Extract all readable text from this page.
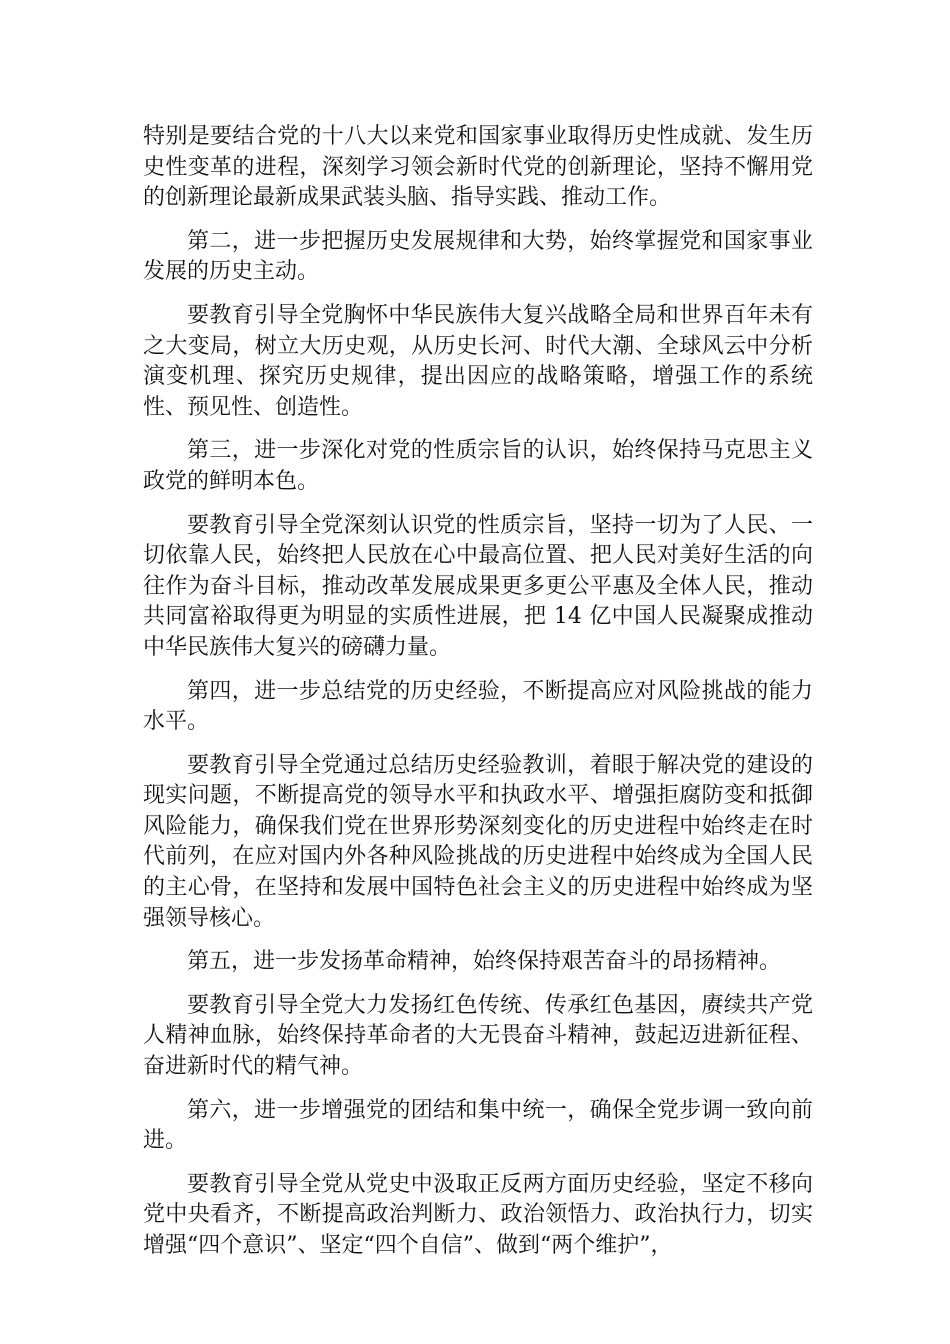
特别是要结合党的十八大以来党和国家事业取得历史性成就、发生历史性变革的进程，深刻学习领会新时代党的创新理论，坚持不懈用党的创新理论最新成果武装头脑、指导实践、推动工作。

第二，进一步把握历史发展规律和大势，始终掌握党和国家事业发展的历史主动。

要教育引导全党胸怀中华民族伟大复兴战略全局和世界百年未有之大变局，树立大历史观，从历史长河、时代大潮、全球风云中分析演变机理、探究历史规律，提出因应的战略策略，增强工作的系统性、预见性、创造性。

第三，进一步深化对党的性质宗旨的认识，始终保持马克思主义政党的鲜明本色。

要教育引导全党深刻认识党的性质宗旨，坚持一切为了人民、一切依靠人民，始终把人民放在心中最高位置、把人民对美好生活的向往作为奋斗目标，推动改革发展成果更多更公平惠及全体人民，推动共同富裕取得更为明显的实质性进展，把 14 亿中国人民凝聚成推动中华民族伟大复兴的磅礴力量。

第四，进一步总结党的历史经验，不断提高应对风险挑战的能力水平。

要教育引导全党通过总结历史经验教训，着眼于解决党的建设的现实问题，不断提高党的领导水平和执政水平、增强拒腐防变和抵御风险能力，确保我们党在世界形势深刻变化的历史进程中始终走在时代前列，在应对国内外各种风险挑战的历史进程中始终成为全国人民的主心骨，在坚持和发展中国特色社会主义的历史进程中始终成为坚强领导核心。

第五，进一步发扬革命精神，始终保持艰苦奋斗的昂扬精神。

要教育引导全党大力发扬红色传统、传承红色基因，赓续共产党人精神血脉，始终保持革命者的大无畏奋斗精神，鼓起迈进新征程、奋进新时代的精气神。

第六，进一步增强党的团结和集中统一，确保全党步调一致向前进。

要教育引导全党从党史中汲取正反两方面历史经验，坚定不移向党中央看齐，不断提高政治判断力、政治领悟力、政治执行力，切实增强“四个意识”、坚定“四个自信”、做到“两个维护”，
